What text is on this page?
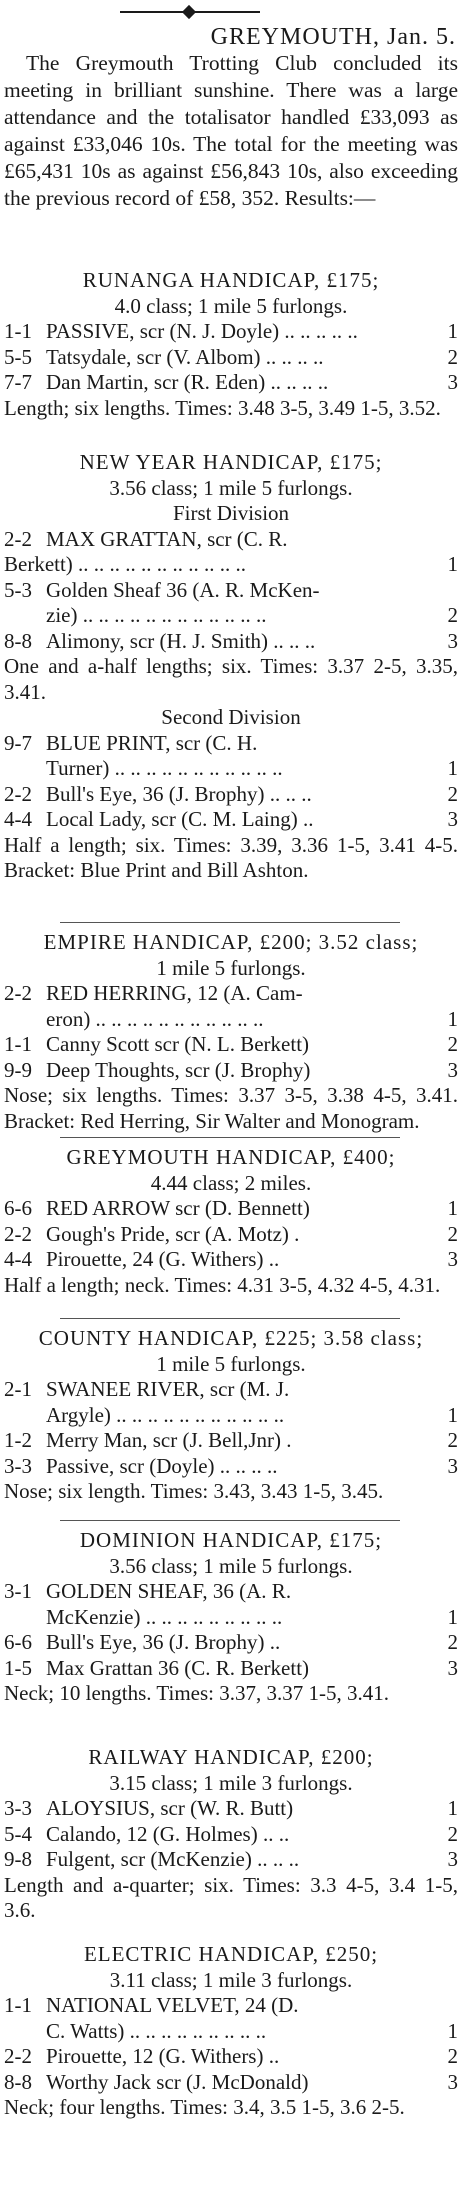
GREYMOUTH, Jan. 5.
The Greymouth Trotting Club concluded its meeting in brilliant sunshine. There was a large attendance and the totalisator handled £33,093 as against £33,046 10s. The total for the meeting was £65,431 10s as against £56,843 10s, also exceeding the previous record of £58, 352. Results:—
RUNANGA HANDICAP, £175;
4.0 class; 1 mile 5 furlongs.
1-1 PASSIVE, scr (N. J. Doyle) .. .. .. .. ..	1
5-5 Tatsydale, scr (V. Albom) .. .. .. ..	2
7-7 Dan Martin, scr (R. Eden) .. .. .. ..	3
Length; six lengths. Times: 3.48 3-5, 3.49 1-5, 3.52.
NEW YEAR HANDICAP, £175;
3.56 class; 1 mile 5 furlongs.
First Division
2-2 MAX GRATTAN, scr (C. R.
Berkett) .. .. .. .. .. .. .. .. .. .. ..	1
5-3 Golden Sheaf 36 (A. R. McKen-
zie) .. .. .. .. .. .. .. .. .. .. .. ..	2
8-8 Alimony, scr (H. J. Smith) .. .. ..	3
One and a-half lengths; six. Times: 3.37 2-5, 3.35, 3.41.
Second Division
9-7 BLUE PRINT, scr (C. H.
Turner) .. .. .. .. .. .. .. .. .. .. ..	1
2-2 Bull's Eye, 36 (J. Brophy) .. .. ..	2
4-4 Local Lady, scr (C. M. Laing) ..	3
Half a length; six. Times: 3.39, 3.36 1-5, 3.41 4-5. Bracket: Blue Print and Bill Ashton.
EMPIRE HANDICAP, £200; 3.52 class;
1 mile 5 furlongs.
2-2 RED HERRING, 12 (A. Cam-
eron) .. .. .. .. .. .. .. .. .. .. ..	1
1-1 Canny Scott scr (N. L. Berkett)	2
9-9 Deep Thoughts, scr (J. Brophy)	3
Nose; six lengths. Times: 3.37 3-5, 3.38 4-5, 3.41. Bracket: Red Herring, Sir Walter and Monogram.
GREYMOUTH HANDICAP, £400;
4.44 class; 2 miles.
6-6 RED ARROW scr (D. Bennett)	1
2-2 Gough's Pride, scr (A. Motz) .	2
4-4 Pirouette, 24 (G. Withers) ..	3
Half a length; neck. Times: 4.31 3-5, 4.32 4-5, 4.31.
COUNTY HANDICAP, £225; 3.58 class;
1 mile 5 furlongs.
2-1 SWANEE RIVER, scr (M. J.
Argyle) .. .. .. .. .. .. .. .. .. .. ..	1
1-2 Merry Man, scr (J. Bell,Jnr) .	2
3-3 Passive, scr (Doyle) .. .. .. ..	3
Nose; six length. Times: 3.43, 3.43 1-5, 3.45.
DOMINION HANDICAP, £175;
3.56 class; 1 mile 5 furlongs.
3-1 GOLDEN SHEAF, 36 (A. R.
McKenzie) .. .. .. .. .. .. .. .. ..	1
6-6 Bull's Eye, 36 (J. Brophy) ..	2
1-5 Max Grattan 36 (C. R. Berkett)	3
Neck; 10 lengths. Times: 3.37, 3.37 1-5, 3.41.
RAILWAY HANDICAP, £200;
3.15 class; 1 mile 3 furlongs.
3-3 ALOYSIUS, scr (W. R. Butt)	1
5-4 Calando, 12 (G. Holmes) .. ..	2
9-8 Fulgent, scr (McKenzie) .. .. ..	3
Length and a-quarter; six. Times: 3.3 4-5, 3.4 1-5, 3.6.
ELECTRIC HANDICAP, £250;
3.11 class; 1 mile 3 furlongs.
1-1 NATIONAL VELVET, 24 (D.
C. Watts) .. .. .. .. .. .. .. .. ..	1
2-2 Pirouette, 12 (G. Withers) ..	2
8-8 Worthy Jack scr (J. McDonald)	3
Neck; four lengths. Times: 3.4, 3.5 1-5, 3.6 2-5.
